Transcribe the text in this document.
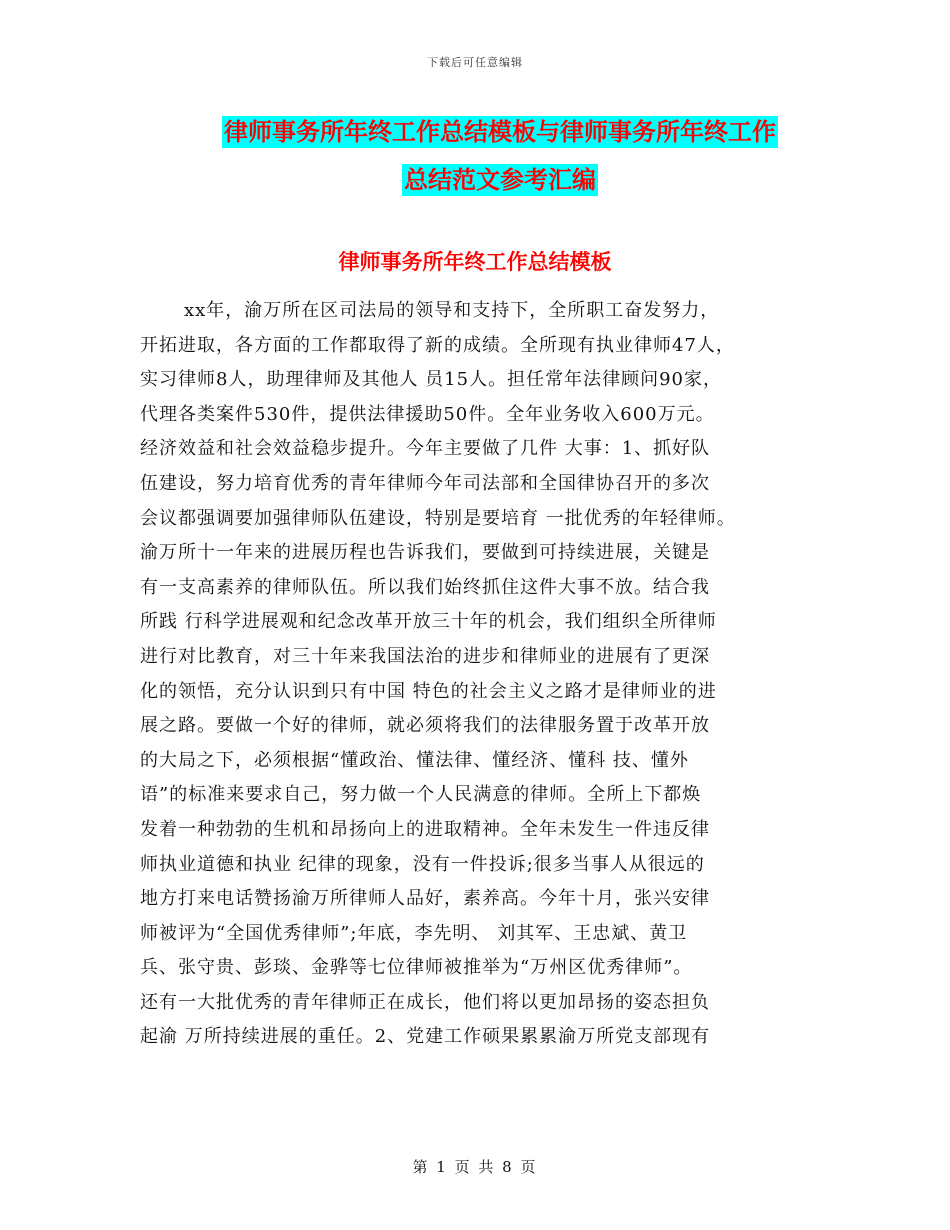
下载后可任意编辑
律师事务所年终工作总结模板与律师事务所年终工作
总结范文参考汇编
律师事务所年终工作总结模板
xx年，渝万所在区司法局的领导和支持下，全所职工奋发努力，
开拓进取，各方面的工作都取得了新的成绩。全所现有执业律师47人，
实习律师8人，助理律师及其他人 员15人。担任常年法律顾问90家，
代理各类案件530件，提供法律援助50件。全年业务收入600万元。
经济效益和社会效益稳步提升。今年主要做了几件 大事：1、抓好队
伍建设，努力培育优秀的青年律师今年司法部和全国律协召开的多次
会议都强调要加强律师队伍建设，特别是要培育 一批优秀的年轻律师。
渝万所十一年来的进展历程也告诉我们，要做到可持续进展，关键是
有一支高素养的律师队伍。所以我们始终抓住这件大事不放。结合我
所践 行科学进展观和纪念改革开放三十年的机会，我们组织全所律师
进行对比教育，对三十年来我国法治的进步和律师业的进展有了更深
化的领悟，充分认识到只有中国 特色的社会主义之路才是律师业的进
展之路。要做一个好的律师，就必须将我们的法律服务置于改革开放
的大局之下，必须根据“懂政治、懂法律、懂经济、懂科 技、懂外
语”的标准来要求自己，努力做一个人民满意的律师。全所上下都焕
发着一种勃勃的生机和昂扬向上的进取精神。全年未发生一件违反律
师执业道德和执业 纪律的现象，没有一件投诉;很多当事人从很远的
地方打来电话赞扬渝万所律师人品好，素养高。今年十月，张兴安律
师被评为“全国优秀律师”;年底，李先明、 刘其军、王忠斌、黄卫
兵、张守贵、彭琰、金骅等七位律师被推举为“万州区优秀律师”。
还有一大批优秀的青年律师正在成长，他们将以更加昂扬的姿态担负
起渝 万所持续进展的重任。2、党建工作硕果累累渝万所党支部现有
第 1 页 共 8 页
